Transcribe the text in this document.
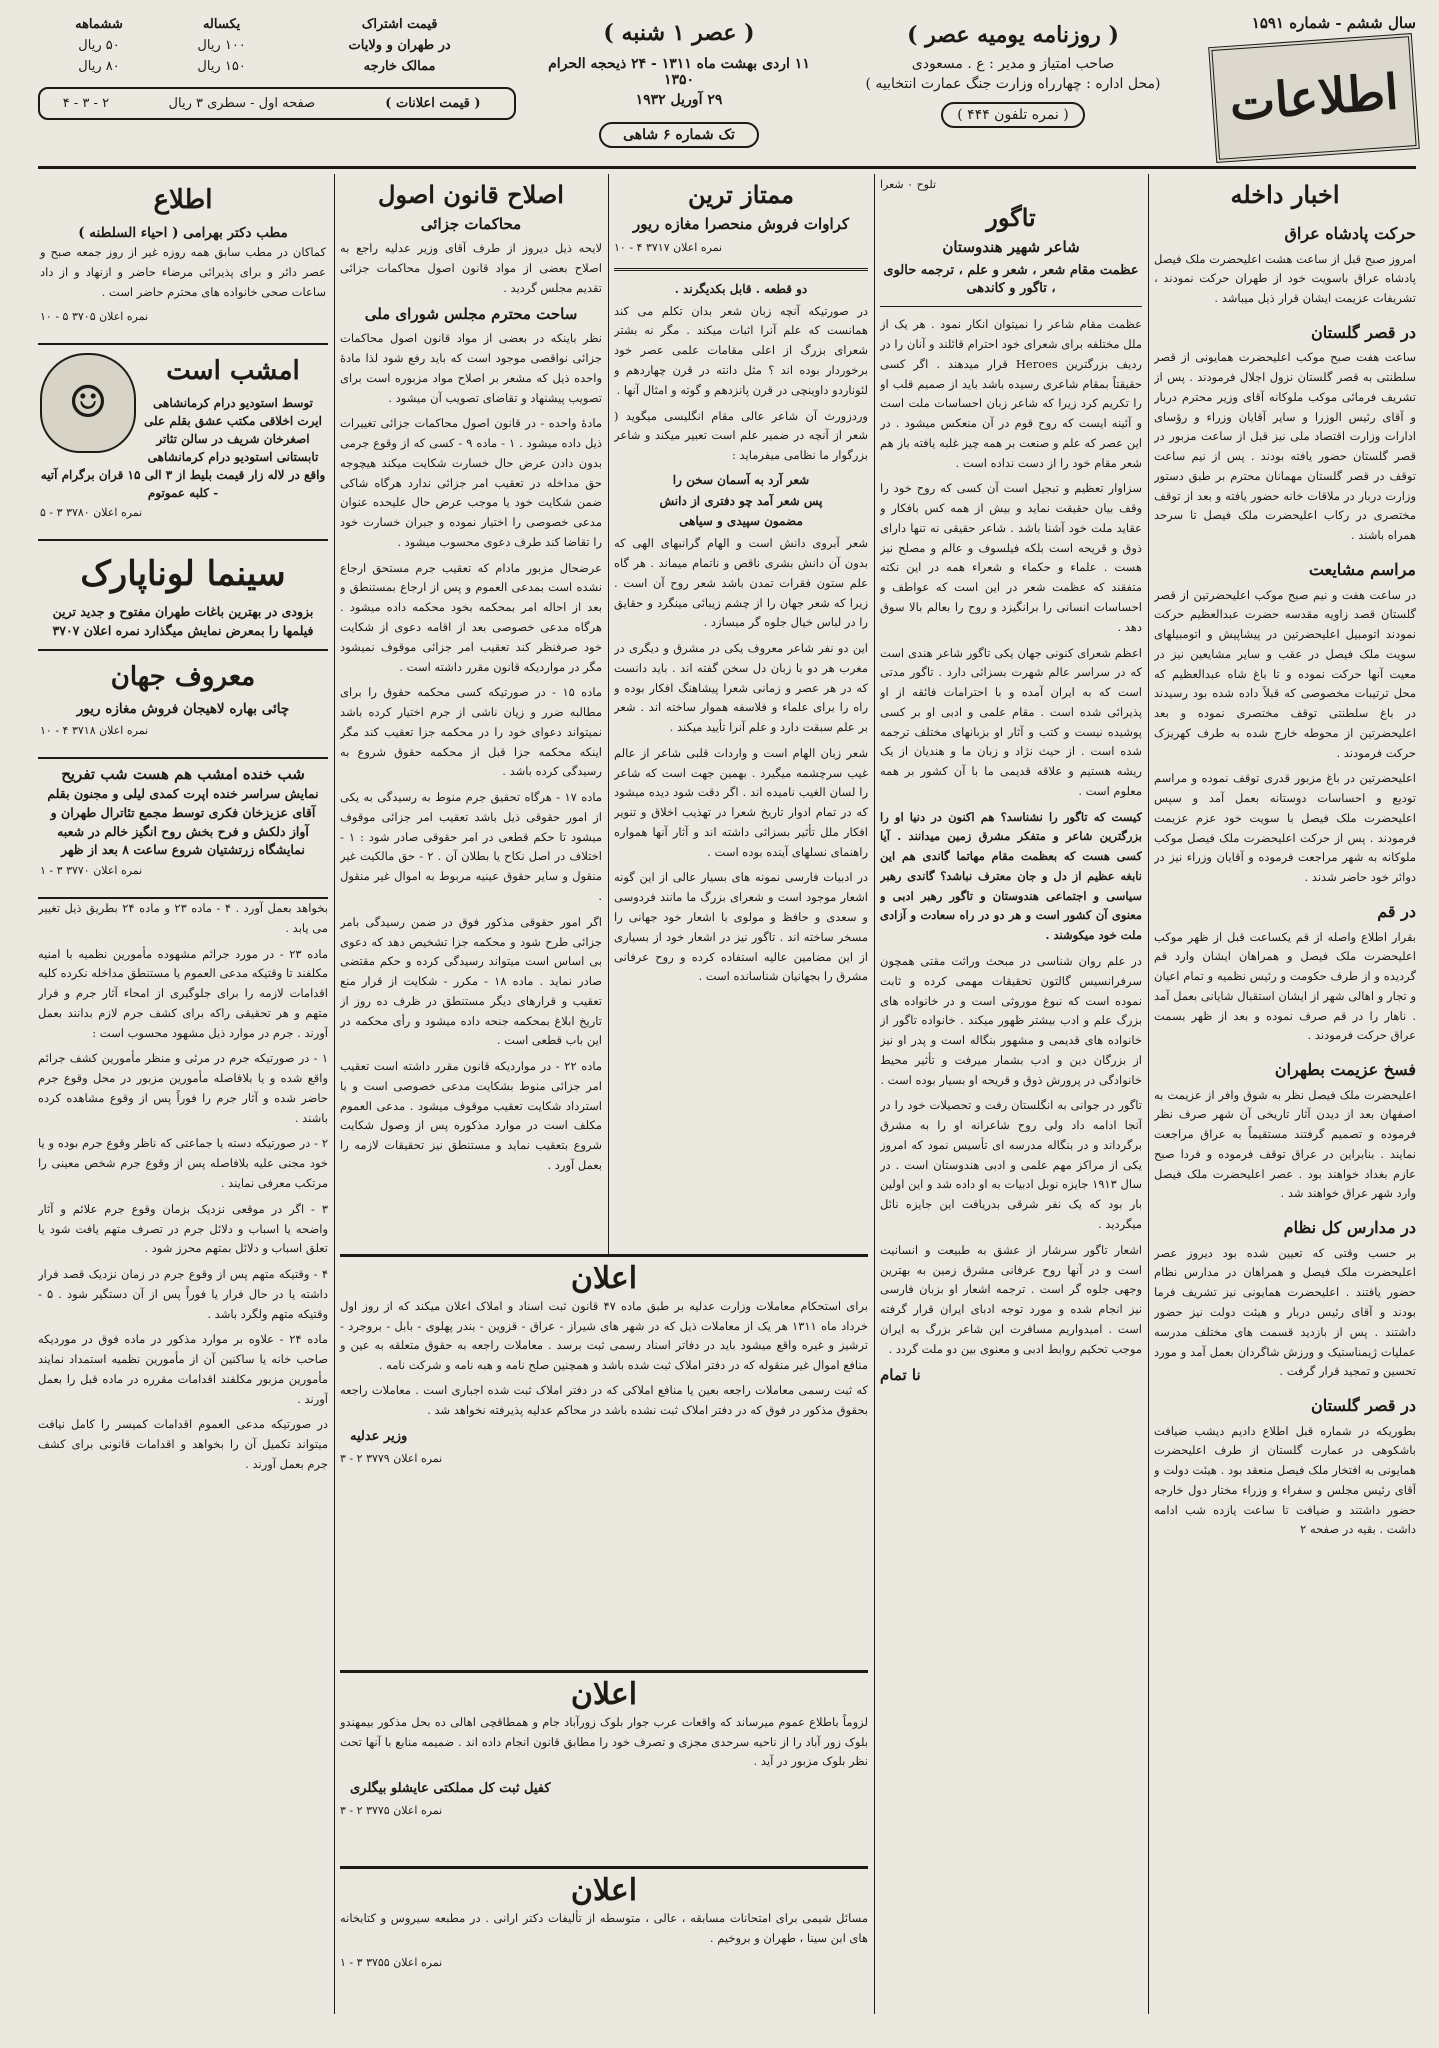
سال ششم - شماره ۱۵۹۱
اطلاعات
( روزنامه یومیه عصر )
صاحب امتیاز و مدیر : ع . مسعودی
(محل اداره : چهارراه وزارت جنگ عمارت انتخابیه )
( نمره تلفون ۴۴۴ )
( عصر ۱ شنبه )
۱۱ اردی بهشت ماه ۱۳۱۱ - ۲۴ ذیحجه الحرام ۱۳۵۰
۲۹ آوریل ۱۹۳۲
تک شماره ۶ شاهی
قیمت اشتراک	یکساله	ششماهه
در طهران و ولایات	۱۰۰ ریال	۵۰ ریال
ممالک خارجه	۱۵۰ ریال	۸۰ ریال
( قیمت اعلانات )	صفحه اول - سطری ۳ ریال	۲ - ۳ - ۴
اخبار داخله
حرکت پادشاه عراق

امروز صبح قبل از ساعت هشت اعلیحضرت ملک فیصل پادشاه عراق باسویت خود از طهران حرکت نمودند ، تشریفات عزیمت ایشان قرار ذیل میباشد .

در قصر گلستان

ساعت هفت صبح موکب اعلیحضرت همایونی از قصر سلطنتی به قصر گلستان نزول اجلال فرمودند . پس از تشریف فرمائی موکب ملوکانه آقای وزیر محترم دربار و آقای رئیس الوزرا و سایر آقایان وزراء و رؤسای ادارات وزارت اقتصاد ملی نیز قبل از ساعت مزبور در قصر گلستان حضور یافته بودند . پس از نیم ساعت توقف در قصر گلستان مهمانان محترم بر طبق دستور وزارت دربار در ملاقات خانه حضور یافته و بعد از توقف مختصری در رکاب اعلیحضرت ملک فیصل تا سرحد همراه باشند .

مراسم مشایعت

در ساعت هفت و نیم صبح موکب اعلیحضرتین از قصر گلستان قصد زاویه مقدسه حضرت عبدالعظیم حرکت نمودند اتومبیل اعلیحضرتین در پیشاپیش و اتومبیلهای سویت ملک فیصل در عقب و سایر مشایعین نیز در معیت آنها حرکت نموده و تا باغ شاه عبدالعظیم که محل ترتیبات مخصوصی که قبلاً داده شده بود رسیدند در باغ سلطنتی توقف مختصری نموده و بعد اعلیحضرتین از محوطه خارج شده به طرف کهریزک حرکت فرمودند .

اعلیحضرتین در باغ مزبور قدری توقف نموده و مراسم تودیع و احساسات دوستانه بعمل آمد و سپس اعلیحضرت ملک فیصل با سویت خود عزم عزیمت فرمودند . پس از حرکت اعلیحضرت ملک فیصل موکب ملوکانه به شهر مراجعت فرموده و آقایان وزراء نیز در دوائر خود حاضر شدند .

در قم

بقرار اطلاع واصله از قم یکساعت قبل از ظهر موکب اعلیحضرت ملک فیصل و همراهان ایشان وارد قم گردیده و از طرف حکومت و رئیس نظمیه و تمام اعیان و تجار و اهالی شهر از ایشان استقبال شایانی بعمل آمد . ناهار را در قم صرف نموده و بعد از ظهر بسمت عراق حرکت فرمودند .

فسخ عزیمت بطهران

اعلیحضرت ملک فیصل نظر به شوق وافر از عزیمت به اصفهان بعد از دیدن آثار تاریخی آن شهر صرف نظر فرموده و تصمیم گرفتند مستقیماً به عراق مراجعت نمایند . بنابراین در عراق توقف فرموده و فردا صبح عازم بغداد خواهند بود . عصر اعلیحضرت ملک فیصل وارد شهر عراق خواهند شد .

در مدارس کل نظام

بر حسب وقتی که تعیین شده بود دیروز عصر اعلیحضرت ملک فیصل و همراهان در مدارس نظام حضور یافتند . اعلیحضرت همایونی نیز تشریف فرما بودند و آقای رئیس دربار و هیئت دولت نیز حضور داشتند . پس از بازدید قسمت های مختلف مدرسه عملیات ژیمناستیک و ورزش شاگردان بعمل آمد و مورد تحسین و تمجید قرار گرفت .

در قصر گلستان

بطوریکه در شماره قبل اطلاع دادیم دیشب ضیافت باشکوهی در عمارت گلستان از طرف اعلیحضرت همایونی به افتخار ملک فیصل منعقد بود . هیئت دولت و آقای رئیس مجلس و سفراء و وزراء مختار دول خارجه حضور داشتند و ضیافت تا ساعت یازده شب ادامه داشت . بقیه در صفحه ۲

تلوح ۰ شعرا
تاگور
شاعر شهیر هندوستان
عظمت مقام شعر ، شعر و علم ، ترجمه حالوی ، تاگور و کاندهی

عظمت مقام شاعر را نمیتوان انکار نمود . هر یک از ملل مختلفه برای شعرای خود احترام قائلند و آنان را در ردیف بزرگترین Heroes قرار میدهند . اگر کسی حقیقتاً بمقام شاعری رسیده باشد باید از صمیم قلب او را تکریم کرد زیرا که شاعر زبان احساسات ملت است و آئینه ایست که روح قوم در آن منعکس میشود . در این عصر که علم و صنعت بر همه چیز غلبه یافته باز هم شعر مقام خود را از دست نداده است .

سزاوار تعظیم و تبجیل است آن کسی که روح خود را وقف بیان حقیقت نماید و بیش از همه کس بافکار و عقاید ملت خود آشنا باشد . شاعر حقیقی نه تنها دارای ذوق و قریحه است بلکه فیلسوف و عالم و مصلح نیز هست . علماء و حکماء و شعراء همه در این نکته متفقند که عظمت شعر در این است که عواطف و احساسات انسانی را برانگیزد و روح را بعالم بالا سوق دهد .

اعظم شعرای کنونی جهان یکی تاگور شاعر هندی است که در سراسر عالم شهرت بسزائی دارد . تاگور مدتی است که به ایران آمده و با احترامات فائقه از او پذیرائی شده است . مقام علمی و ادبی او بر کسی پوشیده نیست و کتب و آثار او بزبانهای مختلف ترجمه شده است . از حیث نژاد و زبان ما و هندیان از یک ریشه هستیم و علاقه قدیمی ما با آن کشور بر همه معلوم است .

کیست که تاگور را نشناسد؟ هم اکنون در دنیا او را بزرگترین شاعر و متفکر مشرق زمین میدانند . آیا کسی هست که بعظمت مقام مهاتما گاندی هم این نابغه عظیم از دل و جان معترف نباشد؟ گاندی رهبر سیاسی و اجتماعی هندوستان و تاگور رهبر ادبی و معنوی آن کشور است و هر دو در راه سعادت و آزادی ملت خود میکوشند .

در علم روان شناسی در مبحث وراثت مقتی همچون سرفرانسیس گالتون تحقیقات مهمی کرده و ثابت نموده است که نبوغ موروثی است و در خانواده های بزرگ علم و ادب بیشتر ظهور میکند . خانواده تاگور از خانواده های قدیمی و مشهور بنگاله است و پدر او نیز از بزرگان دین و ادب بشمار میرفت و تأثیر محیط خانوادگی در پرورش ذوق و قریحه او بسیار بوده است .

تاگور در جوانی به انگلستان رفت و تحصیلات خود را در آنجا ادامه داد ولی روح شاعرانه او را به مشرق برگرداند و در بنگاله مدرسه ای تأسیس نمود که امروز یکی از مراکز مهم علمی و ادبی هندوستان است . در سال ۱۹۱۳ جایزه نوبل ادبیات به او داده شد و این اولین بار بود که یک نفر شرقی بدریافت این جایزه نائل میگردید .

اشعار تاگور سرشار از عشق به طبیعت و انسانیت است و در آنها روح عرفانی مشرق زمین به بهترین وجهی جلوه گر است . ترجمه اشعار او بزبان فارسی نیز انجام شده و مورد توجه ادبای ایران قرار گرفته است . امیدواریم مسافرت این شاعر بزرگ به ایران موجب تحکیم روابط ادبی و معنوی بین دو ملت گردد .

نا تمام
ممتاز ترین
کراوات فروش منحصرا مغازه ریور
نمره اعلان ۳۷۱۷ ۴ - ۱۰
دو قطعه . قابل بکدیگرند .

در صورتیکه آنچه زبان شعر بدان تکلم می کند همانست که علم آنرا اثبات میکند . مگر نه بشتر شعرای بزرگ از اعلی مقامات علمی عصر خود برخوردار بوده اند ؟ مثل دانته در قرن چهاردهم و لئوناردو داوینچی در قرن پانزدهم و گوته و امثال آنها .

وردزورث آن شاعر عالی مقام انگلیسی میگوید ( شعر از آنچه در ضمیر علم است تعبیر میکند و شاعر بزرگوار ما نظامی میفرماید :

شعر آرد به آسمان سخن را
پس شعر آمد چو دفتری از دانش
مضمون سپیدی و سیاهی

شعر آبروی دانش است و الهام گرانبهای الهی که بدون آن دانش بشری ناقص و ناتمام میماند . هر گاه علم ستون فقرات تمدن باشد شعر روح آن است . زیرا که شعر جهان را از چشم زیبائی مینگرد و حقایق را در لباس خیال جلوه گر میسازد .

این دو نفر شاعر معروف یکی در مشرق و دیگری در مغرب هر دو با زبان دل سخن گفته اند . باید دانست که در هر عصر و زمانی شعرا پیشاهنگ افکار بوده و راه را برای علماء و فلاسفه هموار ساخته اند . شعر بر علم سبقت دارد و علم آنرا تأیید میکند .

شعر زبان الهام است و واردات قلبی شاعر از عالم غیب سرچشمه میگیرد . بهمین جهت است که شاعر را لسان الغیب نامیده اند . اگر دقت شود دیده میشود که در تمام ادوار تاریخ شعرا در تهذیب اخلاق و تنویر افکار ملل تأثیر بسزائی داشته اند و آثار آنها همواره راهنمای نسلهای آینده بوده است .

در ادبیات فارسی نمونه های بسیار عالی از این گونه اشعار موجود است و شعرای بزرگ ما مانند فردوسی و سعدی و حافظ و مولوی با اشعار خود جهانی را مسخر ساخته اند . تاگور نیز در اشعار خود از بسیاری از این مضامین عالیه استفاده کرده و روح عرفانی مشرق را بجهانیان شناسانده است .

اصلاح قانون اصول
محاکمات جزائی

لایحه ذیل دیروز از طرف آقای وزیر عدلیه راجع به اصلاح بعضی از مواد قانون اصول محاکمات جزائی تقدیم مجلس گردید .

ساحت محترم مجلس شورای ملی

نظر باینکه در بعضی از مواد قانون اصول محاکمات جزائی نواقصی موجود است که باید رفع شود لذا مادۀ واحده ذیل که مشعر بر اصلاح مواد مزبوره است برای تصویب پیشنهاد و تقاضای تصویب آن میشود .

مادۀ واحده - در قانون اصول محاکمات جزائی تغییرات ذیل داده میشود . ۱ - ماده ۹ - کسی که از وقوع جرمی بدون دادن عرض حال خسارت شکایت میکند هیچوجه حق مداخله در تعقیب امر جزائی ندارد هرگاه شاکی ضمن شکایت خود یا موجب عرض حال علیحده عنوان مدعی خصوصی را اختیار نموده و جبران خسارت خود را تقاضا کند طرف دعوی محسوب میشود .

عرضحال مزبور مادام که تعقیب جرم مستحق ارجاع نشده است بمدعی العموم و پس از ارجاع بمستنطق و بعد از احاله امر بمحکمه بخود محکمه داده میشود . هرگاه مدعی خصوصی بعد از اقامه دعوی از شکایت خود صرفنظر کند تعقیب امر جزائی موقوف نمیشود مگر در مواردیکه قانون مقرر داشته است .

ماده ۱۵ - در صورتیکه کسی محکمه حقوق را برای مطالبه ضرر و زیان ناشی از جرم اختیار کرده باشد نمیتواند دعوای خود را در محکمه جزا تعقیب کند مگر اینکه محکمه جزا قبل از محکمه حقوق شروع به رسیدگی کرده باشد .

ماده ۱۷ - هرگاه تحقیق جرم منوط به رسیدگی به یکی از امور حقوقی ذیل باشد تعقیب امر جزائی موقوف میشود تا حکم قطعی در امر حقوقی صادر شود : ۱ - اختلاف در اصل نکاح یا بطلان آن . ۲ - حق مالکیت غیر منقول و سایر حقوق عینیه مربوط به اموال غیر منقول .

اگر امور حقوقی مذکور فوق در ضمن رسیدگی بامر جزائی طرح شود و محکمه جزا تشخیص دهد که دعوی بی اساس است میتواند رسیدگی کرده و حکم مقتضی صادر نماید . ماده ۱۸ - مکرر - شکایت از قرار منع تعقیب و قرارهای دیگر مستنطق در ظرف ده روز از تاریخ ابلاغ بمحکمه جنحه داده میشود و رأی محکمه در این باب قطعی است .

ماده ۲۲ - در مواردیکه قانون مقرر داشته است تعقیب امر جزائی منوط بشکایت مدعی خصوصی است و با استرداد شکایت تعقیب موقوف میشود . مدعی العموم مکلف است در موارد مذکوره پس از وصول شکایت شروع بتعقیب نماید و مستنطق نیز تحقیقات لازمه را بعمل آورد .

اطلاع
مطب دکتر بهرامی ( احیاء السلطنه )

کماکان در مطب سابق همه روزه غیر از روز جمعه صبح و عصر دائر و برای پذیرائی مرضاء حاضر و ازنهاد و از داد ساعات صحی خانواده های محترم حاضر است .

نمره اعلان ۳۷۰۵ ۵ - ۱۰
☺
امشب است
توسط استودیو درام کرمانشاهی ایرت اخلاقی مکتب عشق بقلم علی اصغرخان شریف در سالن تئاتر تابستانی استودیو درام کرمانشاهی واقع در لاله زار قیمت بلیط از ۳ الی ۱۵ قران برگرام آتیه - کلبه عموتوم
نمره اعلان ۳۷۸۰ ۳ - ۵
سینما لوناپارک
بزودی در بهترین باغات طهران مفتوح و جدید ترین فیلمها را بمعرض نمایش میگذارد نمره اعلان ۳۷۰۷
معروف جهان
چائی بهاره لاهیجان فروش مغازه ریور
نمره اعلان ۳۷۱۸ ۴ - ۱۰
شب خنده امشب هم هست شب تفریح
نمایش سراسر خنده اپرت کمدی لیلی و مجنون بقلم آقای عزیزخان فکری توسط مجمع تئاترال طهران و آواز دلکش و فرح بخش روح انگیز خالم در شعبه نمایشگاه زرتشتیان شروع ساعت ۸ بعد از ظهر
نمره اعلان ۳۷۷۰ ۳ - ۱

بخواهد بعمل آورد . ۴ - ماده ۲۳ و ماده ۲۴ بطریق ذیل تغییر می یابد .

ماده ۲۳ - در مورد جرائم مشهوده مأمورین نظمیه با امنیه مکلفند تا وقتیکه مدعی العموم یا مستنطق مداخله نکرده کلیه اقدامات لازمه را برای جلوگیری از امحاء آثار جرم و فرار متهم و هر تحقیقی راکه برای کشف جرم لازم بدانند بعمل آورند . جرم در موارد ذیل مشهود محسوب است :

۱ - در صورتیکه جرم در مرئی و منظر مأمورین کشف جرائم واقع شده و یا بلافاصله مأمورین مزبور در محل وقوع جرم حاضر شده و آثار جرم را فوراً پس از وقوع مشاهده کرده باشند .

۲ - در صورتیکه دسته یا جماعتی که ناظر وقوع جرم بوده و یا خود مجنی علیه بلافاصله پس از وقوع جرم شخص معینی را مرتکب معرفی نمایند .

۳ - اگر در موقعی نزدیک بزمان وقوع جرم علائم و آثار واضحه یا اسباب و دلائل جرم در تصرف متهم یافت شود یا تعلق اسباب و دلائل بمتهم محرز شود .

۴ - وقتیکه متهم پس از وقوع جرم در زمان نزدیک قصد فرار داشته یا در حال فرار یا فوراً پس از آن دستگیر شود . ۵ - وقتیکه متهم ولگرد باشد .

ماده ۲۴ - علاوه بر موارد مذکور در ماده فوق در موردیکه صاحب خانه یا ساکنین آن از مأمورین نظمیه استمداد نمایند مأمورین مزبور مکلفند اقدامات مقرره در ماده قبل را بعمل آورند .

در صورتیکه مدعی العموم اقدامات کمیسر را کامل نیافت میتواند تکمیل آن را بخواهد و اقدامات قانونی برای کشف جرم بعمل آورند .

اعلان

برای استحکام معاملات وزارت عدلیه بر طبق ماده ۴۷ قانون ثبت اسناد و املاک اعلان میکند که از روز اول خرداد ماه ۱۳۱۱ هر یک از معاملات ذیل که در شهر های شیراز - عراق - قزوین - بندر پهلوی - بابل - بروجرد - ترشیز و غیره واقع میشود باید در دفاتر اسناد رسمی ثبت برسد . معاملات راجعه به حقوق متعلقه به عین و منافع اموال غیر منقوله که در دفتر املاک ثبت شده باشد و همچنین صلح نامه و هبه نامه و شرکت نامه .

که ثبت رسمی معاملات راجعه بعین یا منافع املاکی که در دفتر املاک ثبت شده اجباری است . معاملات راجعه بحقوق مذکور در فوق که در دفتر املاک ثبت نشده باشد در محاکم عدلیه پذیرفته نخواهد شد .

وزیر عدلیه
نمره اعلان ۳۷۷۹ ۲ - ۳
اعلان

لزوماً باطلاع عموم میرساند که واقعات عرب جوار بلوک زورآباد جام و همطاقچی اهالی ده بحل مذکور بیمهندو بلوک زور آباد را از ناحیه سرحدی مجزی و تصرف خود را مطابق قانون انجام داده اند . ضمیمه منابع با آنها تحت نظر بلوک مزبور در آید .

کفیل ثبت کل مملکتی عایشلو بیگلری
نمره اعلان ۳۷۷۵ ۲ - ۳
اعلان

مسائل شیمی برای امتحانات مسابقه ، عالی ، متوسطه از تألیفات دکتر ارانی . در مطبعه سیروس و کتابخانه های ابن سینا ، طهران و بروخیم .

نمره اعلان ۳۷۵۵ ۳ - ۱
